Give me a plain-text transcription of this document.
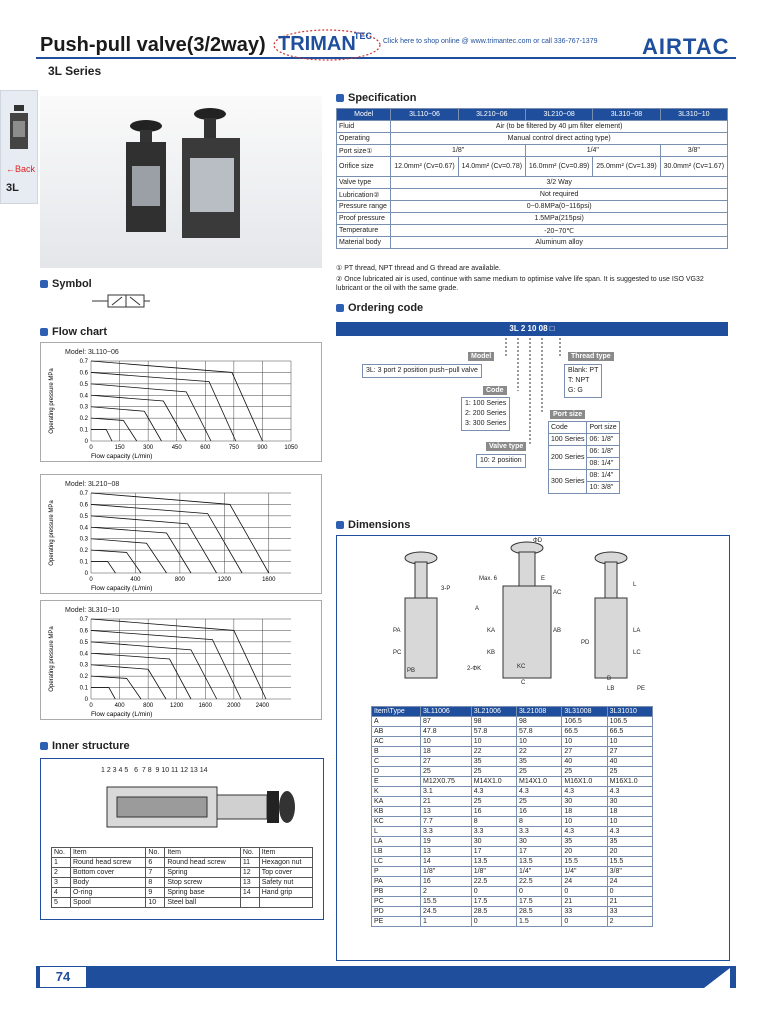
Push-pull valve(3/2way)
3L Series
TRIMAN
TEC
Click here to shop online @ www.trimantec.com or call 336-767-1379 AIRTAC
←Back
3L
Symbol
Flow chart
Model: 3L110−06
0
0.1
0.2
0.3
0.4
0.5
0.6
0.7
0	150	300	450	600	750	900	1050
Flow capacity (L/min)
Operating pressure MPa
Model: 3L210−08
0
0.1
0.2
0.3
0.4
0.5
0.6
0.7
0	400	800	1200	1600
Flow capacity (L/min)
Operating pressure MPa
Model: 3L310−10
0
0.1
0.2
0.3
0.4
0.5
0.6
0.7
0	400	800	1200	1600	2000	2400
Flow capacity (L/min)
Operating pressure MPa
Inner structure
1 2 3 4 5   6  7 8  9 10 11 12 13 14
No.	Item	No.	Item	No.	Item
1	Round head screw	6	Round head screw	11	Hexagon nut
2	Bottom cover	7	Spring	12	Top cover
3	Body	8	Stop screw	13	Safety nut
4	O-ring	9	Spring base	14	Hand grip
5	Spool	10	Steel ball		
Specification
Model	3L110−06	3L210−06	3L210−08	3L310−08	3L310−10
Fluid	Air (to be filtered by 40 μm filter element)				
Operating	Manual control direct acting type)				
Port size①	1/8"		1/4"		3/8"
Orifice size	12.0mm² (Cv=0.67)	14.0mm² (Cv=0.78)	16.0mm² (Cv=0.89)	25.0mm² (Cv=1.39)	30.0mm² (Cv=1.67)
Valve type	3/2 Way				
Lubrication②	Not required				
Pressure range	0−0.8MPa(0−116psi)				
Proof pressure	1.5MPa(215psi)				
Temperature	-20~70℃				
Material body	Aluminum alloy				
① PT thread, NPT thread and G thread are available.
② Once lubricated air is used, continue with same medium to optimise valve life span. It is suggested to use ISO VG32 lubricant or the oil with the same grade.
Ordering code
3L 2 10 08 □
Model
3L: 3 port 2 position push−pull valve
Code
1: 100 Series
2: 200 Series
3: 300 Series
Valve type
10: 2 position
Thread type
Blank: PT
T: NPT
G: G
Port size
Code	Port size
100 Series	06: 1/8"
200 Series	06: 1/8"
	08: 1/4"
300 Series	08: 1/4"
	10: 3/8"
Dimensions
ΦD
Max. 6	E
AC
3-P
A
AB
PA	KA
PC	KB
KC
2-ΦK
PB
C
L
LA
PD
LC
B
LB	PE
Item\Type	3L11006	3L21006	3L21008	3L31008	3L31010
A	87	98	98	106.5	106.5
AB	47.8	57.8	57.8	66.5	66.5
AC	10	10	10	10	10
B	18	22	22	27	27
C	27	35	35	40	40
D	25	25	25	25	25
E	M12X0.75	M14X1.0	M14X1.0	M16X1.0	M16X1.0
K	3.1	4.3	4.3	4.3	4.3
KA	21	25	25	30	30
KB	13	16	16	18	18
KC	7.7	8	8	10	10
L	3.3	3.3	3.3	4.3	4.3
LA	19	30	30	35	35
LB	13	17	17	20	20
LC	14	13.5	13.5	15.5	15.5
P	1/8"	1/8"	1/4"	1/4"	3/8"
PA	16	22.5	22.5	24	24
PB	2	0	0	0	0
PC	15.5	17.5	17.5	21	21
PD	24.5	28.5	28.5	33	33
PE	1	0	1.5	0	2
74
